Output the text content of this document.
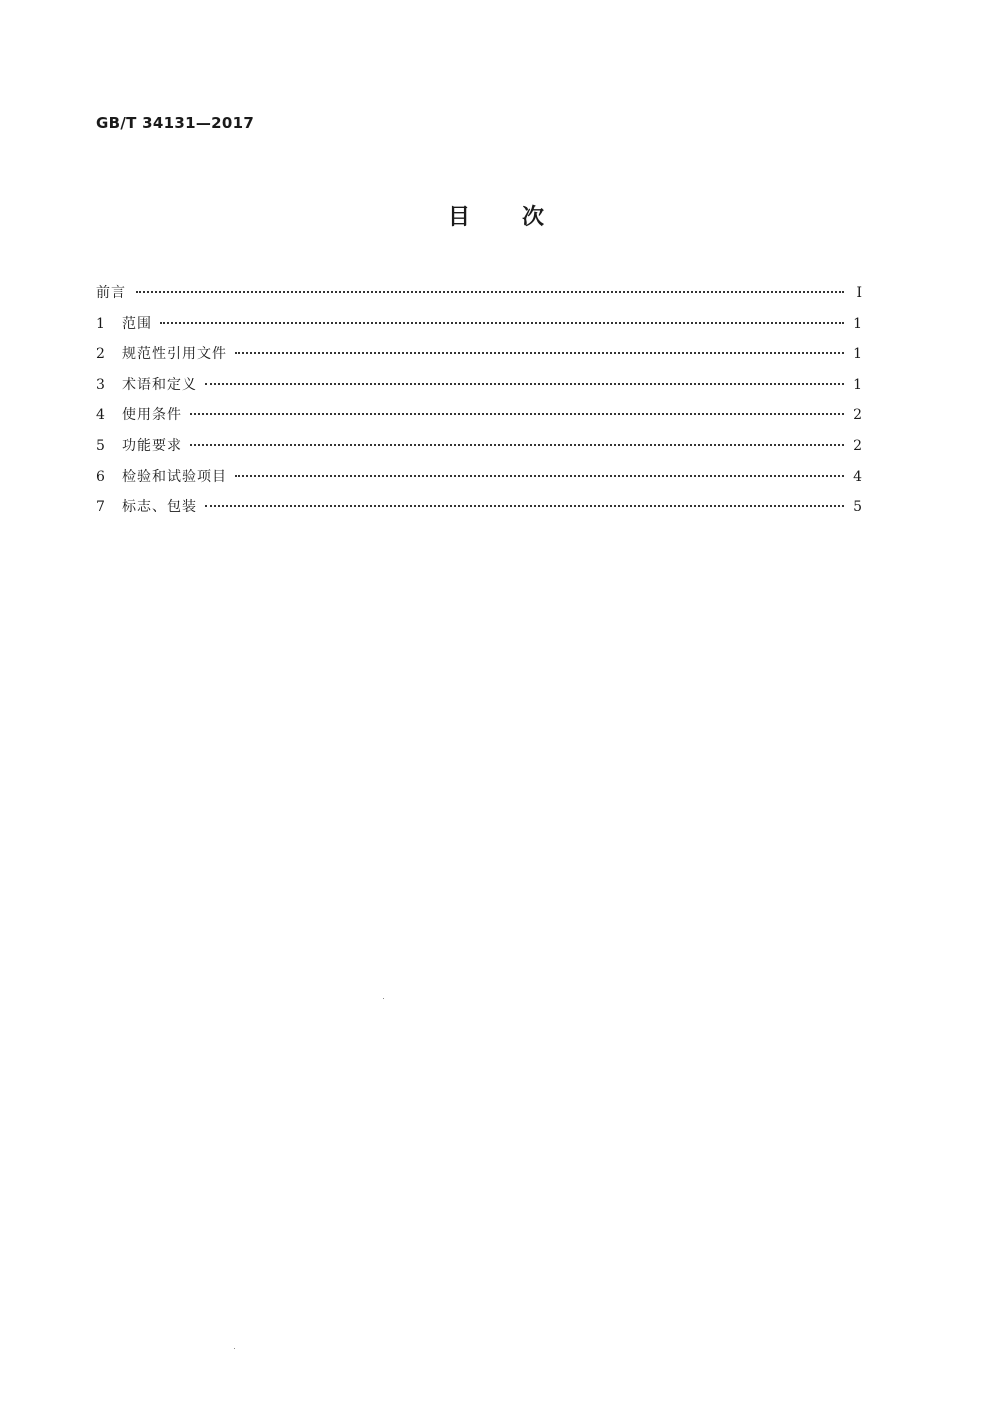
GB/T 34131—2017
目次
前言	Ⅰ
1	范围	1
2	规范性引用文件	1
3	术语和定义	1
4	使用条件	2
5	功能要求	2
6	检验和试验项目	4
7	标志、包装	5
